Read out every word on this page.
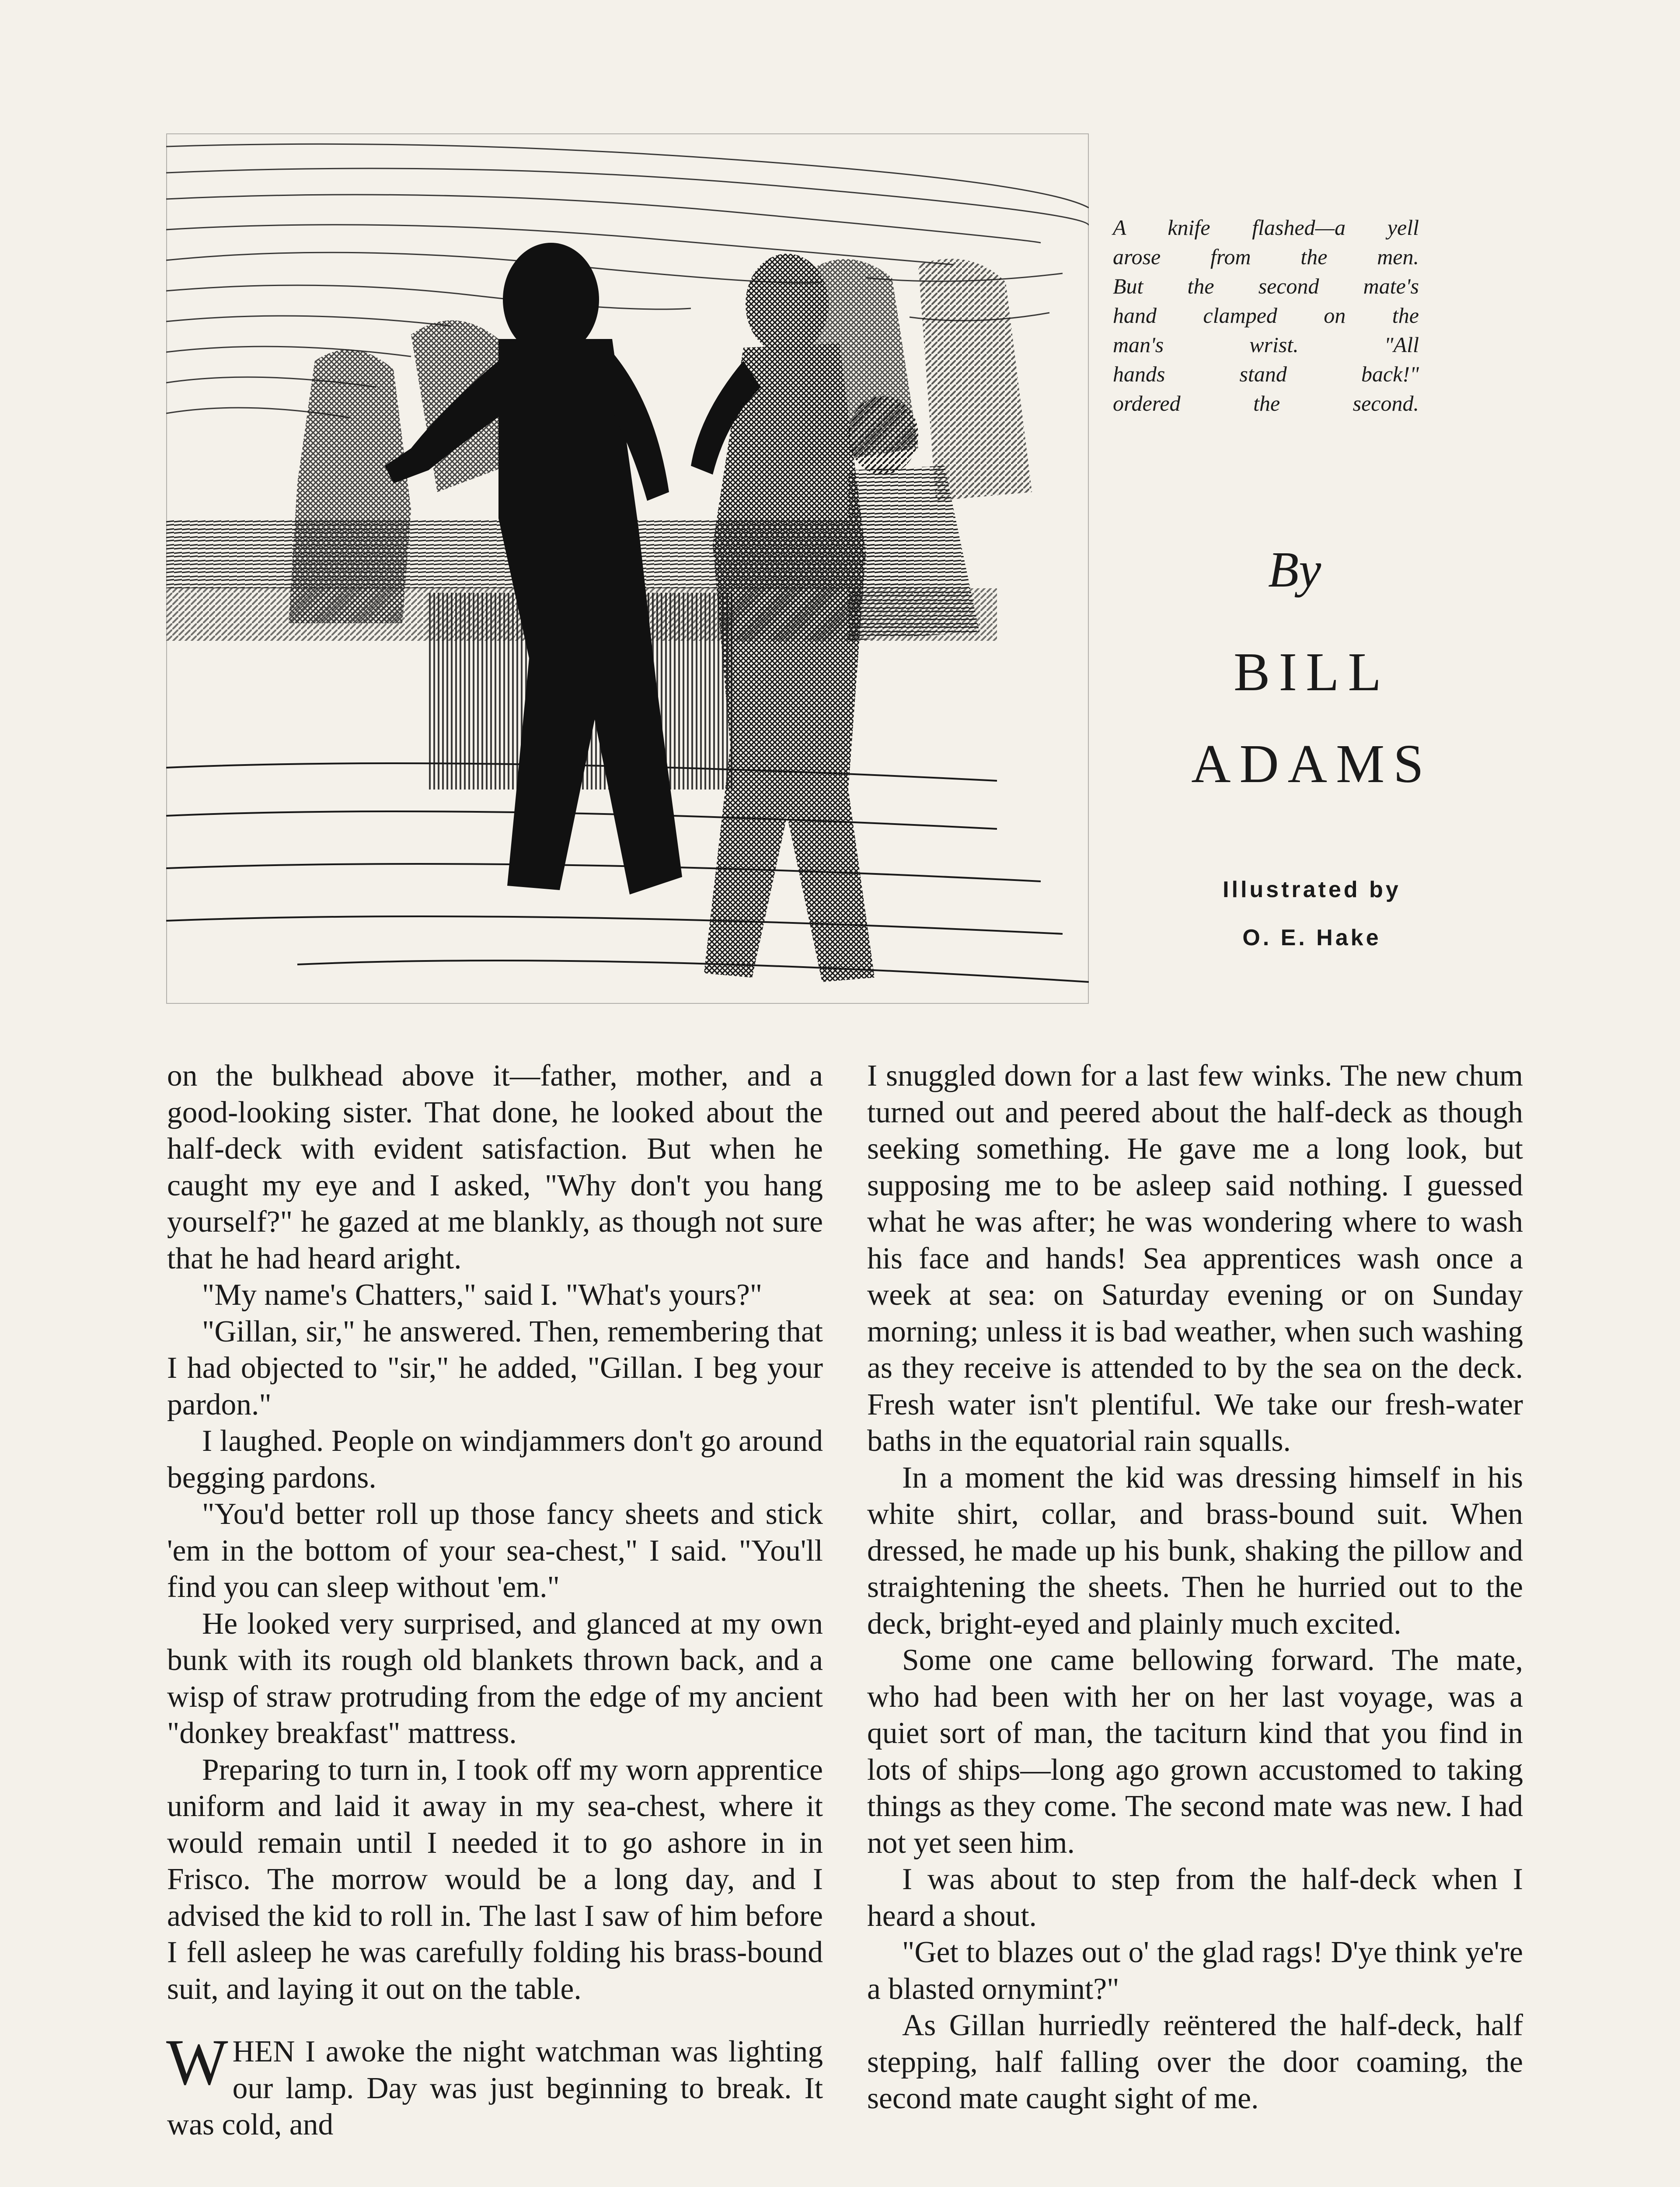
A knife flashed—a yell
arose from the men.
But the second mate's
hand clamped on the
man's wrist. "All
hands stand back!"
ordered the second.
By
BILL
ADAMS
Illustrated by
O. E. Hake

on the bulkhead above it—father, mother, and a good-looking sister. That done, he looked about the half-deck with evident satisfaction. But when he caught my eye and I asked, "Why don't you hang yourself?" he gazed at me blankly, as though not sure that he had heard aright.

"My name's Chatters," said I. "What's yours?"

"Gillan, sir," he answered. Then, remembering that I had objected to "sir," he added, "Gillan. I beg your pardon."

I laughed. People on windjammers don't go around begging pardons.

"You'd better roll up those fancy sheets and stick 'em in the bottom of your sea-chest," I said. "You'll find you can sleep without 'em."

He looked very surprised, and glanced at my own bunk with its rough old blankets thrown back, and a wisp of straw protruding from the edge of my ancient "donkey breakfast" mattress.

Preparing to turn in, I took off my worn apprentice uniform and laid it away in my sea-chest, where it would remain until I needed it to go ashore in in Frisco. The morrow would be a long day, and I advised the kid to roll in. The last I saw of him before I fell asleep he was carefully folding his brass-bound suit, and laying it out on the table.

WHEN I awoke the night watchman was lighting our lamp. Day was just beginning to break. It was cold, and

I snuggled down for a last few winks. The new chum turned out and peered about the half-deck as though seeking something. He gave me a long look, but supposing me to be asleep said nothing. I guessed what he was after; he was wondering where to wash his face and hands! Sea apprentices wash once a week at sea: on Saturday evening or on Sunday morning; unless it is bad weather, when such washing as they receive is attended to by the sea on the deck. Fresh water isn't plentiful. We take our fresh-water baths in the equatorial rain squalls.

In a moment the kid was dressing himself in his white shirt, collar, and brass-bound suit. When dressed, he made up his bunk, shaking the pillow and straightening the sheets. Then he hurried out to the deck, bright-eyed and plainly much excited.

Some one came bellowing forward. The mate, who had been with her on her last voyage, was a quiet sort of man, the taciturn kind that you find in lots of ships—long ago grown accustomed to taking things as they come. The second mate was new. I had not yet seen him.

I was about to step from the half-deck when I heard a shout.

"Get to blazes out o' the glad rags! D'ye think ye're a blasted ornymint?"

As Gillan hurriedly reëntered the half-deck, half stepping, half falling over the door coaming, the second mate caught sight of me.
